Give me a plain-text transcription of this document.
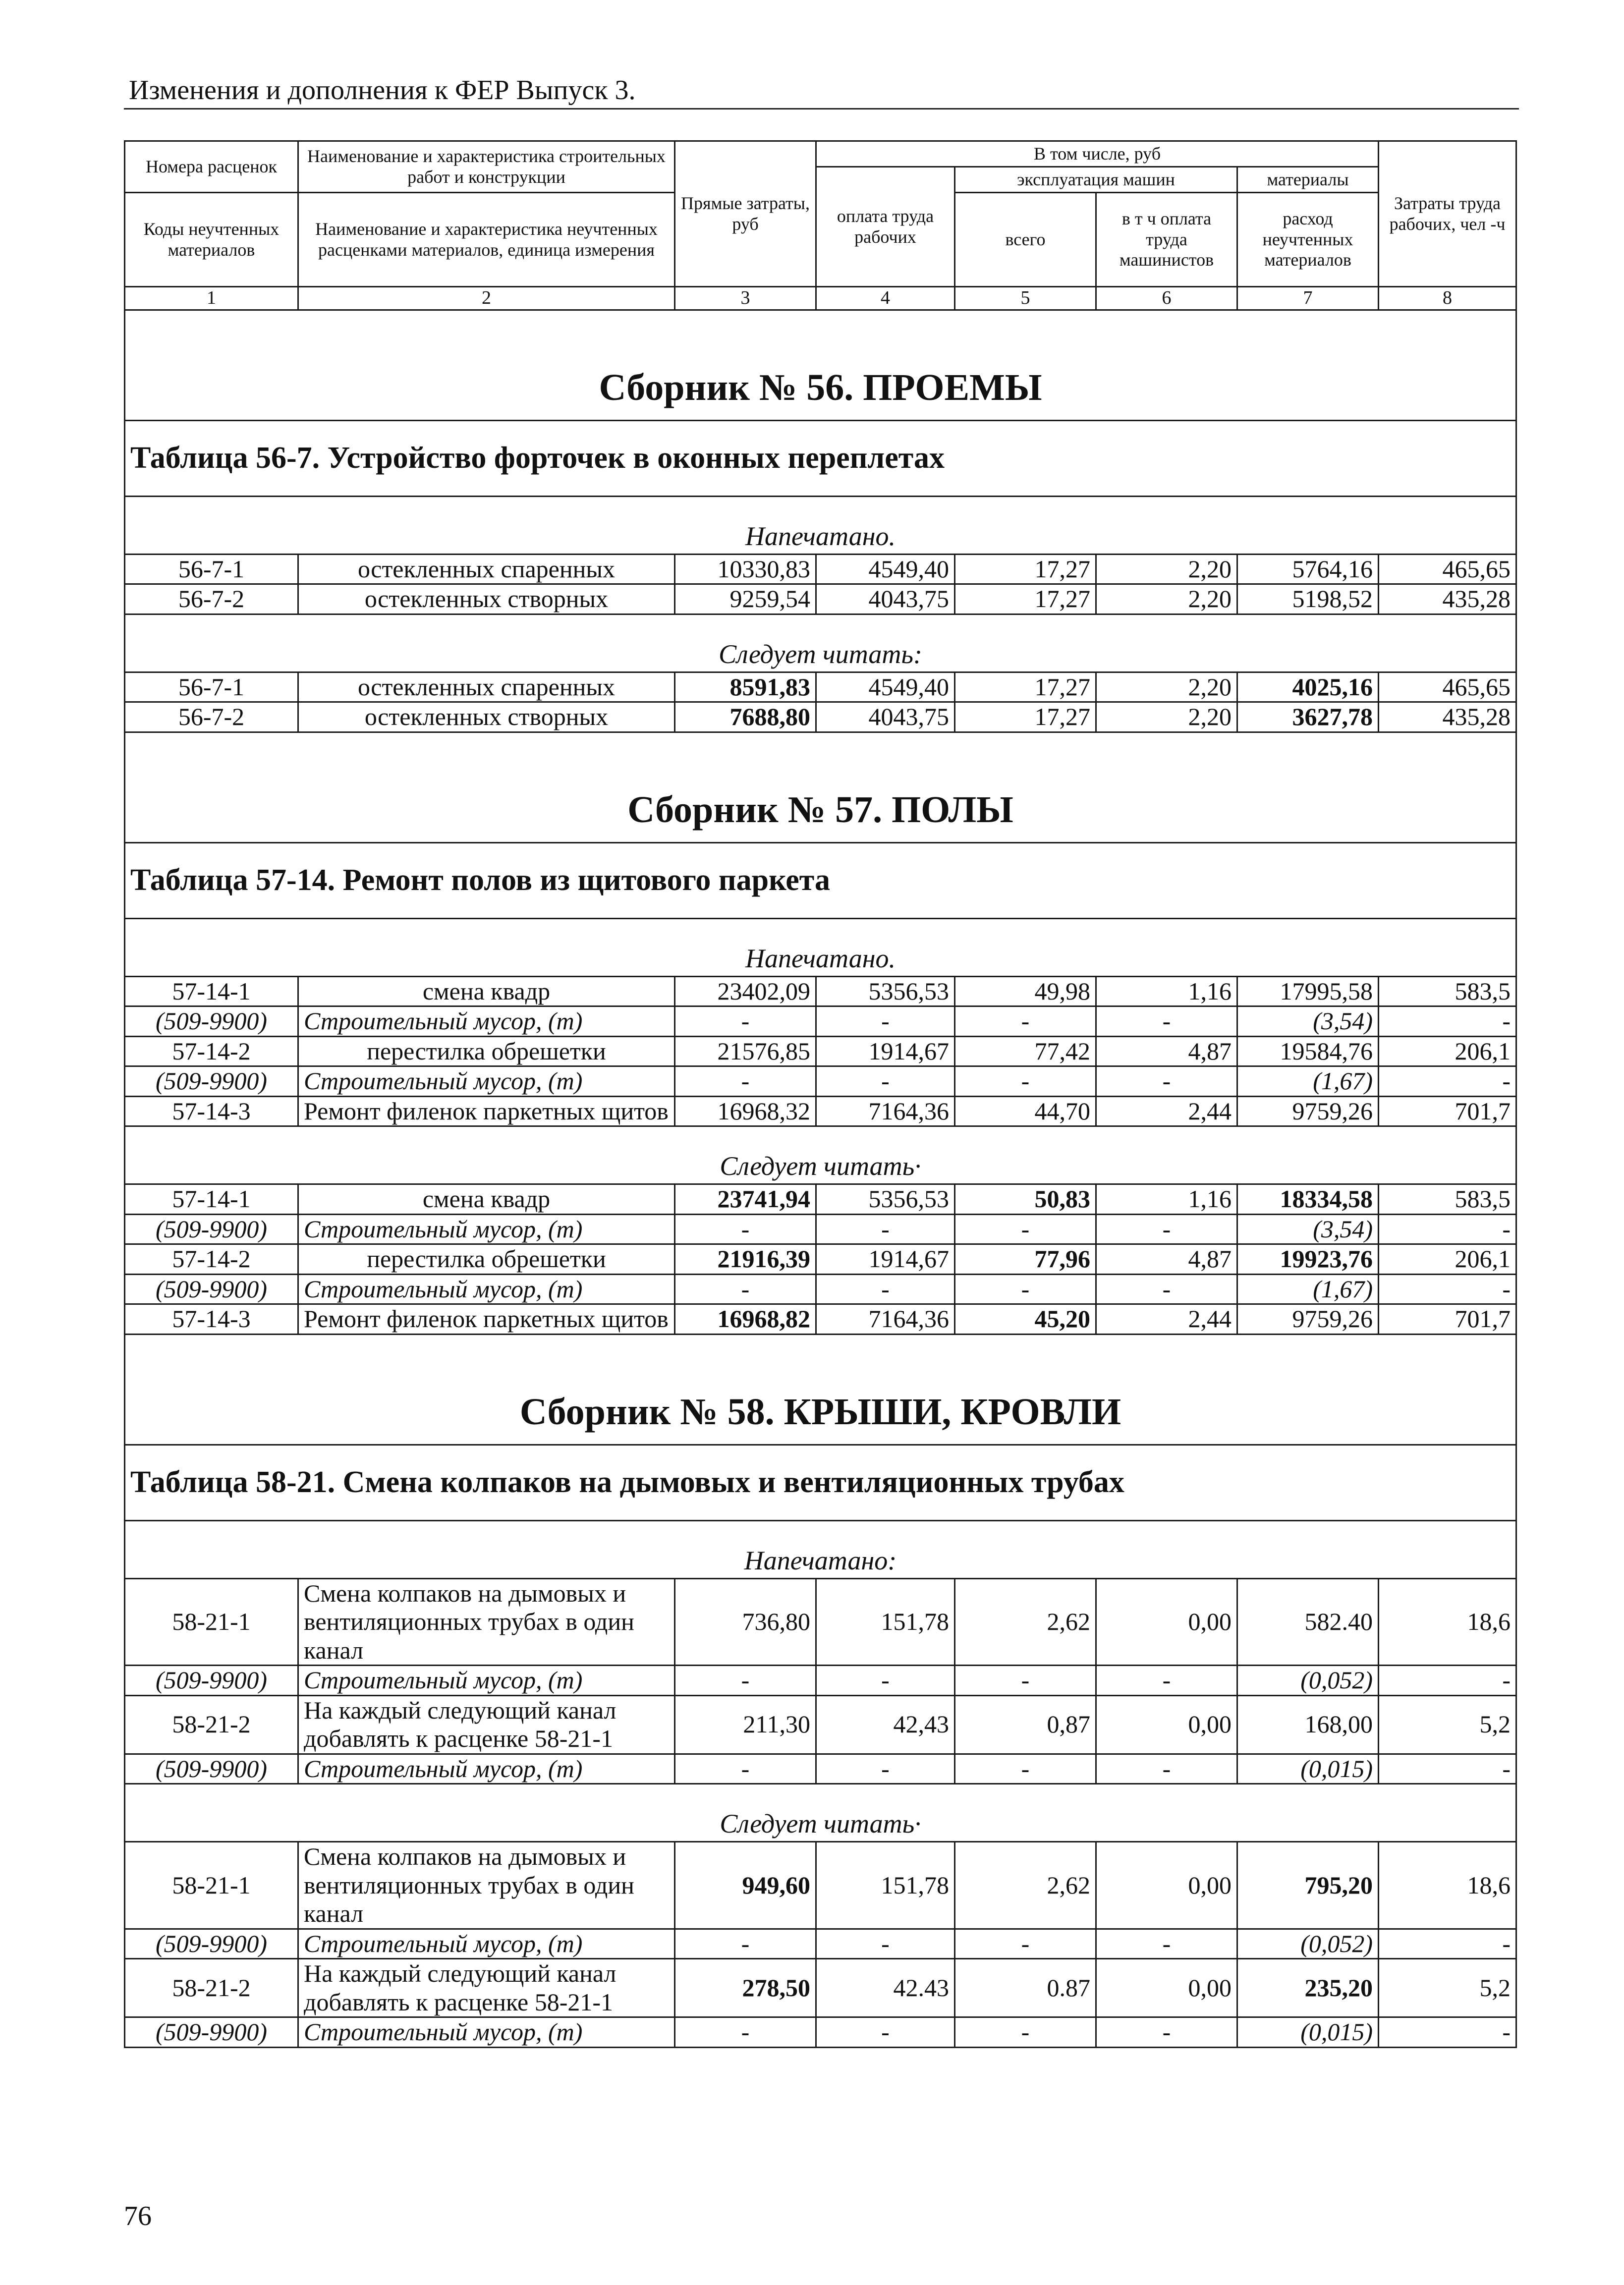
Изменения и дополнения к ФЕР Выпуск 3.
Номера расценок	Наименование и характеристика строительных работ и конструкции	Прямые затраты, руб	В том числе, руб				Затраты труда рабочих, чел -ч
			оплата труда рабочих	эксплуатация машин		материалы	
Коды неучтенных материалов	Наименование и характеристика неучтенных расценками материалов, единица измерения			всего	в т ч оплата труда машинистов	расход неучтенных материалов	

1	2	3	4	5	6	7	8
Сборник № 56. ПРОЕМЫ							
Таблица 56-7. Устройство форточек в оконных переплетах							
Напечатано.							
56-7-1	остекленных спаренных	10330,83	4549,40	17,27	2,20	5764,16	465,65
56-7-2	остекленных створных	9259,54	4043,75	17,27	2,20	5198,52	435,28
Следует читать:							
56-7-1	остекленных спаренных	8591,83	4549,40	17,27	2,20	4025,16	465,65
56-7-2	остекленных створных	7688,80	4043,75	17,27	2,20	3627,78	435,28
Сборник № 57. ПОЛЫ							
Таблица 57-14. Ремонт полов из щитового паркета							
Напечатано.							
57-14-1	смена квадр	23402,09	5356,53	49,98	1,16	17995,58	583,5
(509-9900)	Строительный мусор, (т)	-	-	-	-	(3,54)	-
57-14-2	перестилка обрешетки	21576,85	1914,67	77,42	4,87	19584,76	206,1
(509-9900)	Строительный мусор, (т)	-	-	-	-	(1,67)	-
57-14-3	Ремонт филенок паркетных щитов	16968,32	7164,36	44,70	2,44	9759,26	701,7
Следует читать·							
57-14-1	смена квадр	23741,94	5356,53	50,83	1,16	18334,58	583,5
(509-9900)	Строительный мусор, (т)	-	-	-	-	(3,54)	-
57-14-2	перестилка обрешетки	21916,39	1914,67	77,96	4,87	19923,76	206,1
(509-9900)	Строительный мусор, (т)	-	-	-	-	(1,67)	-
57-14-3	Ремонт филенок паркетных щитов	16968,82	7164,36	45,20	2,44	9759,26	701,7
Сборник № 58. КРЫШИ, КРОВЛИ							
Таблица 58-21. Смена колпаков на дымовых и вентиляционных трубах							
Напечатано:							
58-21-1	Смена колпаков на дымовых и вентиляционных трубах в один канал	736,80	151,78	2,62	0,00	582.40	18,6
(509-9900)	Строительный мусор, (т)	-	-	-	-	(0,052)	-
58-21-2	На каждый следующий канал добавлять к расценке 58-21-1	211,30	42,43	0,87	0,00	168,00	5,2
(509-9900)	Строительный мусор, (т)	-	-	-	-	(0,015)	-
Следует читать·							
58-21-1	Смена колпаков на дымовых и вентиляционных трубах в один канал	949,60	151,78	2,62	0,00	795,20	18,6
(509-9900)	Строительный мусор, (т)	-	-	-	-	(0,052)	-
58-21-2	На каждый следующий канал добавлять к расценке 58-21-1	278,50	42.43	0.87	0,00	235,20	5,2
(509-9900)	Строительный мусор, (т)	-	-	-	-	(0,015)	-
76
